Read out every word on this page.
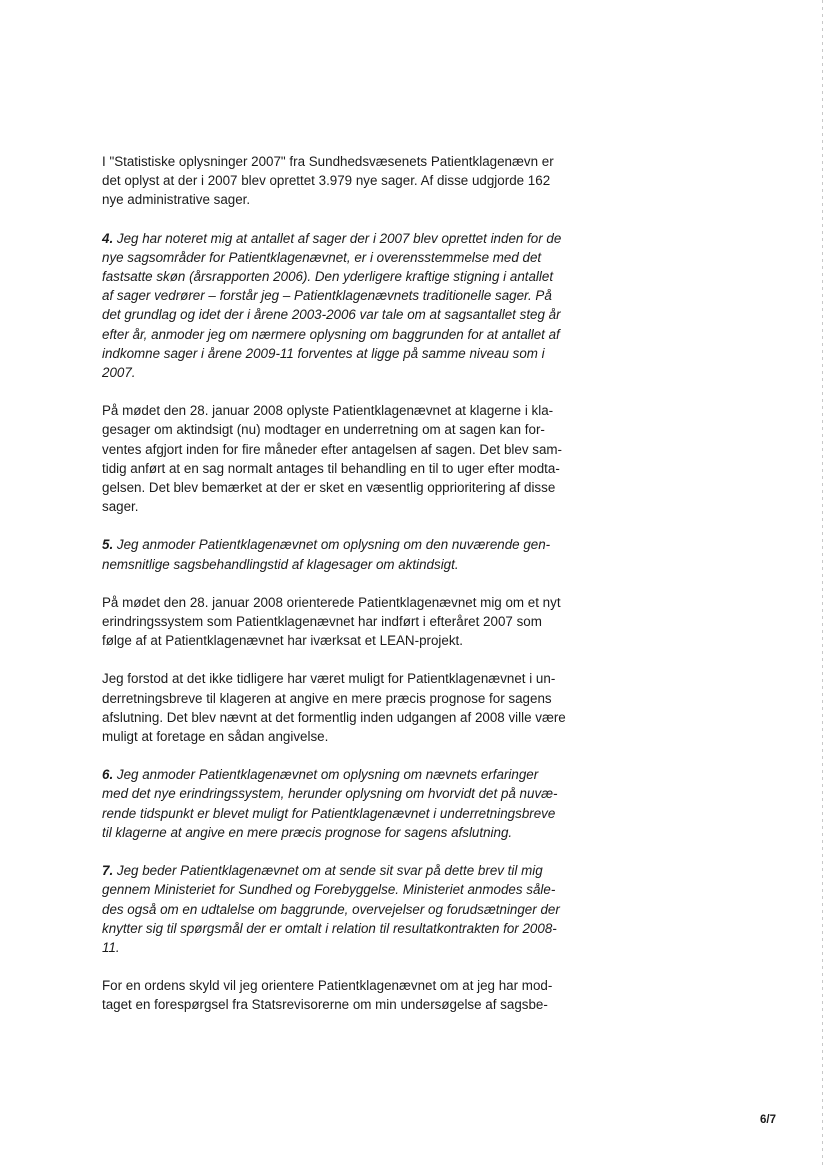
I "Statistiske oplysninger 2007" fra Sundhedsvæsenets Patientklagenævn er
det oplyst at der i 2007 blev oprettet 3.979 nye sager. Af disse udgjorde 162
nye administrative sager.

4. Jeg har noteret mig at antallet af sager der i 2007 blev oprettet inden for de
nye sagsområder for Patientklagenævnet, er i overensstemmelse med det
fastsatte skøn (årsrapporten 2006). Den yderligere kraftige stigning i antallet
af sager vedrører – forstår jeg – Patientklagenævnets traditionelle sager. På
det grundlag og idet der i årene 2003-2006 var tale om at sagsantallet steg år
efter år, anmoder jeg om nærmere oplysning om baggrunden for at antallet af
indkomne sager i årene 2009-11 forventes at ligge på samme niveau som i
2007.

På mødet den 28. januar 2008 oplyste Patientklagenævnet at klagerne i kla-
gesager om aktindsigt (nu) modtager en underretning om at sagen kan for-
ventes afgjort inden for fire måneder efter antagelsen af sagen. Det blev sam-
tidig anført at en sag normalt antages til behandling en til to uger efter modta-
gelsen. Det blev bemærket at der er sket en væsentlig opprioritering af disse
sager.

5. Jeg anmoder Patientklagenævnet om oplysning om den nuværende gen-
nemsnitlige sagsbehandlingstid af klagesager om aktindsigt.

På mødet den 28. januar 2008 orienterede Patientklagenævnet mig om et nyt
erindringssystem som Patientklagenævnet har indført i efteråret 2007 som
følge af at Patientklagenævnet har iværksat et LEAN-projekt.

Jeg forstod at det ikke tidligere har været muligt for Patientklagenævnet i un-
derretningsbreve til klageren at angive en mere præcis prognose for sagens
afslutning. Det blev nævnt at det formentlig inden udgangen af 2008 ville være
muligt at foretage en sådan angivelse.

6. Jeg anmoder Patientklagenævnet om oplysning om nævnets erfaringer
med det nye erindringssystem, herunder oplysning om hvorvidt det på nuvæ-
rende tidspunkt er blevet muligt for Patientklagenævnet i underretningsbreve
til klagerne at angive en mere præcis prognose for sagens afslutning.

7. Jeg beder Patientklagenævnet om at sende sit svar på dette brev til mig
gennem Ministeriet for Sundhed og Forebyggelse. Ministeriet anmodes såle-
des også om en udtalelse om baggrunde, overvejelser og forudsætninger der
knytter sig til spørgsmål der er omtalt i relation til resultatkontrakten for 2008-
11.

For en ordens skyld vil jeg orientere Patientklagenævnet om at jeg har mod-
taget en forespørgsel fra Statsrevisorerne om min undersøgelse af sagsbe-

6/7
